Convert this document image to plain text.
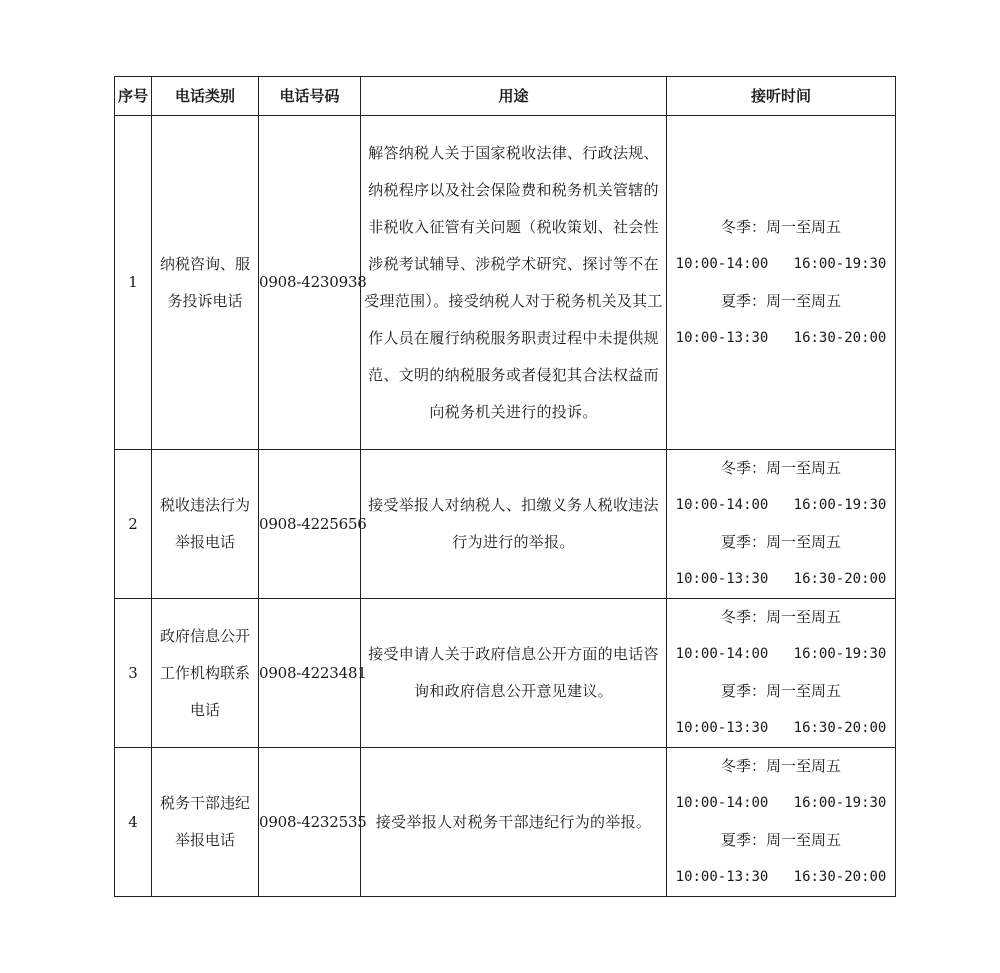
序号	电话类别	电话号码	用途	接听时间
1	纳税咨询、服务投诉电话	0908-4230938	解答纳税人关于国家税收法律、行政法规、纳税程序以及社会保险费和税务机关管辖的非税收入征管有关问题（税收策划、社会性涉税考试辅导、涉税学术研究、探讨等不在受理范围）。接受纳税人对于税务机关及其工作人员在履行纳税服务职责过程中未提供规范、文明的纳税服务或者侵犯其合法权益而向税务机关进行的投诉。	冬季：周一至周五
10:00-14:00   16:00-19:30
夏季：周一至周五
10:00-13:30   16:30-20:00

2	税收违法行为举报电话	0908-4225656	接受举报人对纳税人、扣缴义务人税收违法行为进行的举报。	冬季：周一至周五
10:00-14:00   16:00-19:30
夏季：周一至周五
10:00-13:30   16:30-20:00

3	政府信息公开工作机构联系电话	0908-4223481	接受申请人关于政府信息公开方面的电话咨询和政府信息公开意见建议。	冬季：周一至周五
10:00-14:00   16:00-19:30
夏季：周一至周五
10:00-13:30   16:30-20:00

4	税务干部违纪举报电话	0908-4232535	接受举报人对税务干部违纪行为的举报。	冬季：周一至周五
10:00-14:00   16:00-19:30
夏季：周一至周五
10:00-13:30   16:30-20:00
